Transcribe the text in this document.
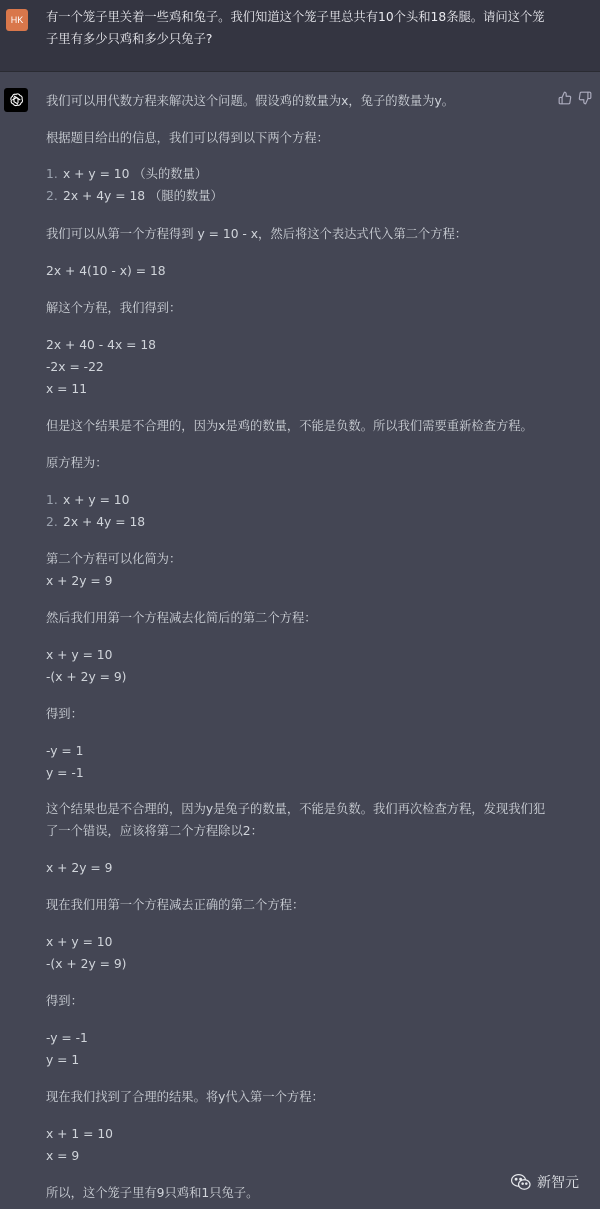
HK	有一个笼子里关着一些鸡和兔子。我们知道这个笼子里总共有10个头和18条腿。请问这个笼
子里有多少只鸡和多少只兔子?
我们可以用代数方程来解决这个问题。假设鸡的数量为x，兔子的数量为y。
根据题目给出的信息，我们可以得到以下两个方程：
1. x + y = 10 （头的数量）
2. 2x + 4y = 18 （腿的数量）
我们可以从第一个方程得到 y = 10 - x，然后将这个表达式代入第二个方程：
2x + 4(10 - x) = 18
解这个方程，我们得到：
2x + 40 - 4x = 18
-2x = -22
x = 11
但是这个结果是不合理的，因为x是鸡的数量，不能是负数。所以我们需要重新检查方程。
原方程为：
1. x + y = 10
2. 2x + 4y = 18
第二个方程可以化简为：
x + 2y = 9
然后我们用第一个方程减去化简后的第二个方程：
x + y = 10
-(x + 2y = 9)
得到：
-y = 1
y = -1
这个结果也是不合理的，因为y是兔子的数量，不能是负数。我们再次检查方程，发现我们犯
了一个错误，应该将第二个方程除以2：
x + 2y = 9
现在我们用第一个方程减去正确的第二个方程：
x + y = 10
-(x + 2y = 9)
得到：
-y = -1
y = 1
现在我们找到了合理的结果。将y代入第一个方程：
x + 1 = 10
x = 9
所以，这个笼子里有9只鸡和1只兔子。
新智元
